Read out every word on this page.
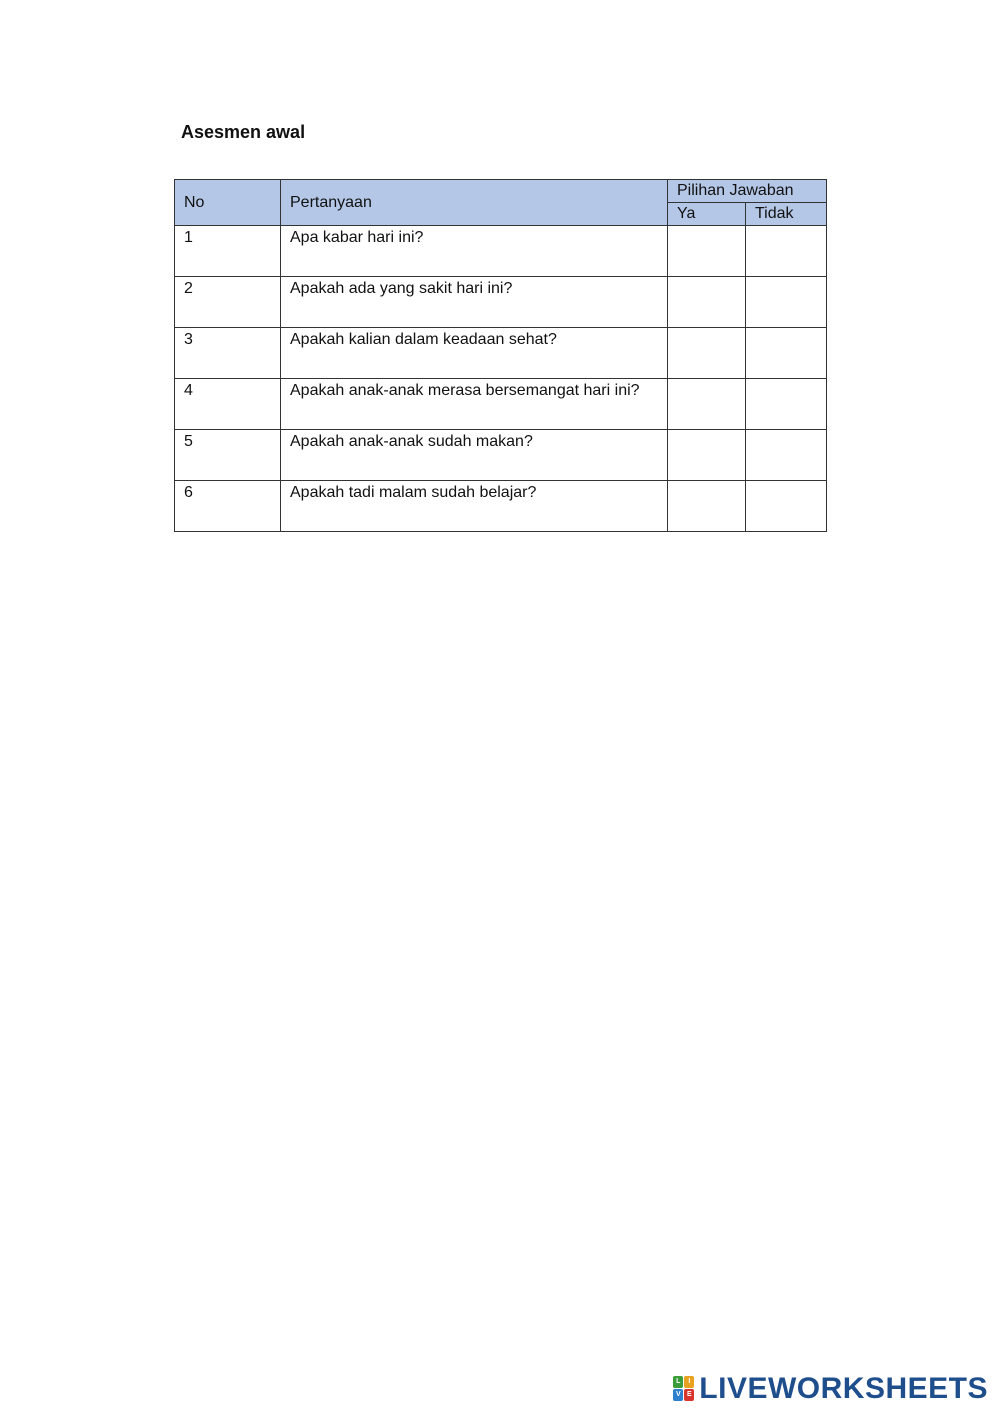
Asesmen awal
No	Pertanyaan	Pilihan Jawaban	
		Ya	Tidak
1	Apa kabar hari ini?		
2	Apakah ada yang sakit hari ini?		
3	Apakah kalian dalam keadaan sehat?		
4	Apakah anak-anak merasa bersemangat hari ini?		
5	Apakah anak-anak sudah makan?		
6	Apakah tadi malam sudah belajar?		
L	I
V E LIVEWORKSHEETS
